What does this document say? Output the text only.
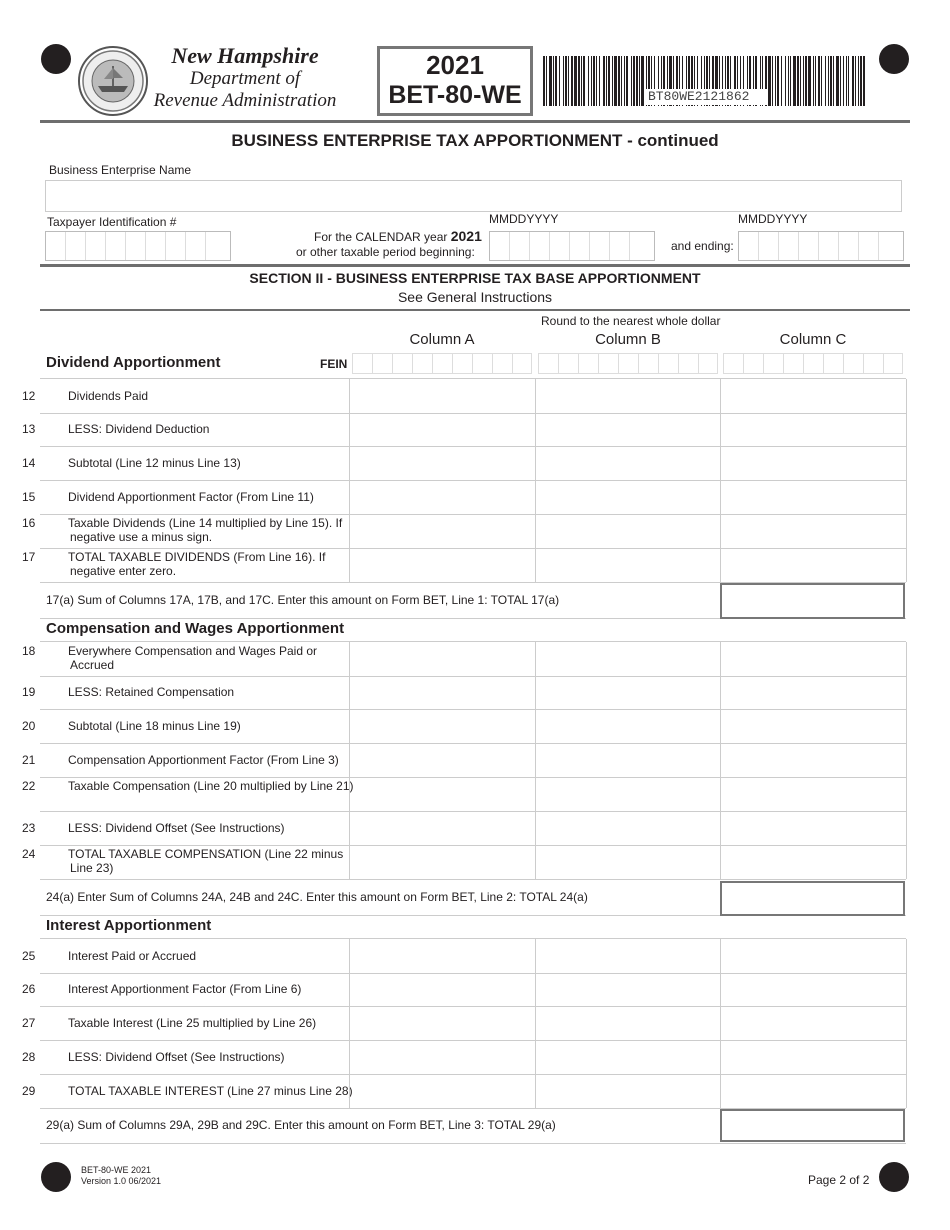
New Hampshire
Department of
Revenue Administration
2021
BET-80-WE	BT80WE2121862
BUSINESS ENTERPRISE TAX APPORTIONMENT - continued
Business Enterprise Name
Taxpayer Identification #
For the CALENDAR year 2021
or other taxable period beginning:
MMDDYYYY
and ending:
MMDDYYYY
SECTION II - BUSINESS ENTERPRISE TAX BASE APPORTIONMENT
See General Instructions
Round to the nearest whole dollar
Column A	Column B	Column C
Dividend Apportionment	FEIN
12	Dividends Paid
13	LESS: Dividend Deduction
14	Subtotal (Line 12 minus Line 13)
15	Dividend Apportionment Factor (From Line 11)
16	Taxable Dividends (Line 14 multiplied by Line 15). If negative use a minus sign.
17	TOTAL TAXABLE DIVIDENDS (From Line 16). If negative enter zero.
17(a) Sum of Columns 17A, 17B, and 17C. Enter this amount on Form BET, Line 1: TOTAL 17(a)
Compensation and Wages Apportionment
18	Everywhere Compensation and Wages Paid or Accrued
19	LESS: Retained Compensation
20	Subtotal (Line 18 minus Line 19)
21	Compensation Apportionment Factor (From Line 3)
22	Taxable Compensation (Line 20 multiplied by Line 21)
23	LESS: Dividend Offset (See Instructions)
24	TOTAL TAXABLE COMPENSATION (Line 22 minus Line 23)
24(a) Enter Sum of Columns 24A, 24B and 24C. Enter this amount on Form BET, Line 2: TOTAL 24(a)
Interest Apportionment
25	Interest Paid or Accrued
26	Interest Apportionment Factor (From Line 6)
27	Taxable Interest (Line 25 multiplied by Line 26)
28	LESS: Dividend Offset (See Instructions)
29	TOTAL TAXABLE INTEREST (Line 27 minus Line 28)
29(a) Sum of Columns 29A, 29B and 29C. Enter this amount on Form BET, Line 3: TOTAL 29(a)
BET-80-WE 2021
Version 1.0 06/2021	Page 2 of 2
